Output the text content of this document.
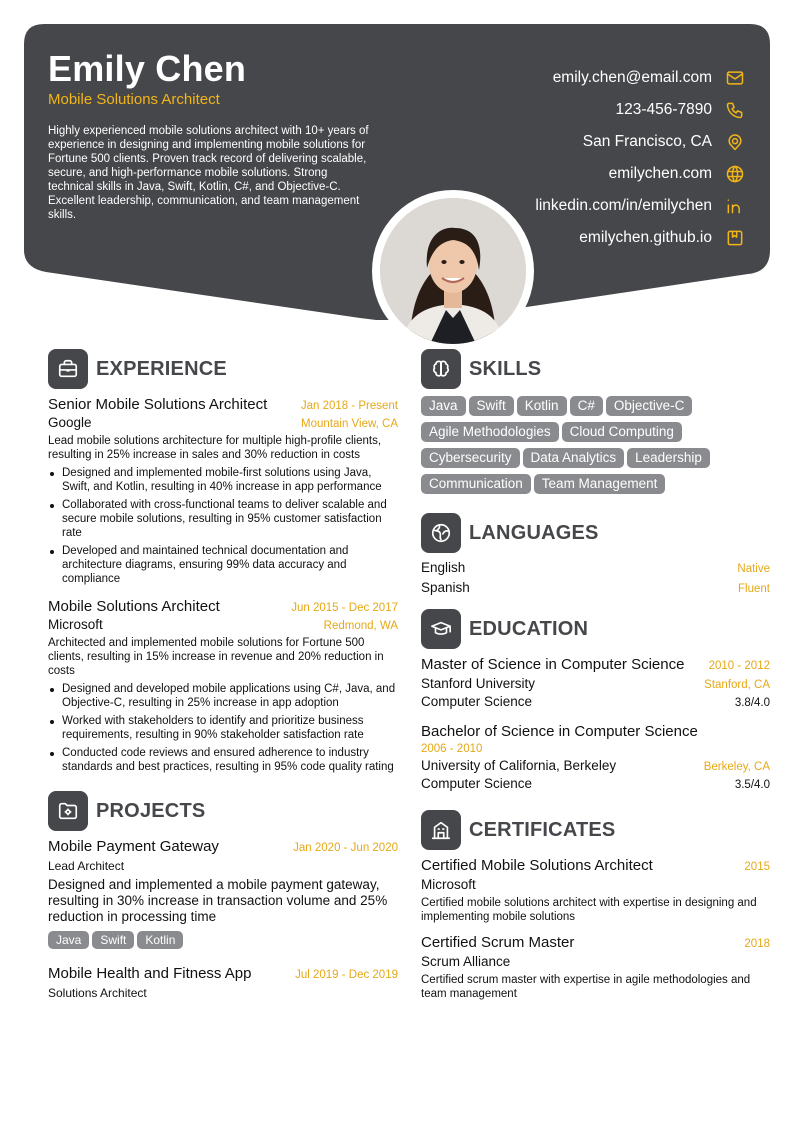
Emily Chen
Mobile Solutions Architect
Highly experienced mobile solutions architect with 10+ years of experience in designing and implementing mobile solutions for Fortune 500 clients. Proven track record of delivering scalable, secure, and high-performance mobile solutions. Strong technical skills in Java, Swift, Kotlin, C#, and Objective-C. Excellent leadership, communication, and team management skills.
emily.chen@email.com
123-456-7890
San Francisco, CA
emilychen.com
linkedin.com/in/emilychen
emilychen.github.io
EXPERIENCE
Senior Mobile Solutions Architect	Jan 2018 - Present
Google	Mountain View, CA
Lead mobile solutions architecture for multiple high-profile clients, resulting in 25% increase in sales and 30% reduction in costs
Designed and implemented mobile-first solutions using Java, Swift, and Kotlin, resulting in 40% increase in app performance
Collaborated with cross-functional teams to deliver scalable and secure mobile solutions, resulting in 95% customer satisfaction rate
Developed and maintained technical documentation and architecture diagrams, ensuring 99% data accuracy and compliance
Mobile Solutions Architect	Jun 2015 - Dec 2017
Microsoft	Redmond, WA
Architected and implemented mobile solutions for Fortune 500 clients, resulting in 15% increase in revenue and 20% reduction in costs
Designed and developed mobile applications using C#, Java, and Objective-C, resulting in 25% increase in app adoption
Worked with stakeholders to identify and prioritize business requirements, resulting in 90% stakeholder satisfaction rate
Conducted code reviews and ensured adherence to industry standards and best practices, resulting in 95% code quality rating
PROJECTS
Mobile Payment Gateway	Jan 2020 - Jun 2020
Lead Architect
Designed and implemented a mobile payment gateway, resulting in 30% increase in transaction volume and 25% reduction in processing time
Java	Swift	Kotlin
Mobile Health and Fitness App	Jul 2019 - Dec 2019
Solutions Architect
SKILLS
Java	Swift	Kotlin	C#	Objective-C
Agile Methodologies	Cloud Computing
Cybersecurity	Data Analytics	Leadership
Communication	Team Management
LANGUAGES
English	Native
Spanish	Fluent
EDUCATION
Master of Science in Computer Science 2010 - 2012
Stanford University	Stanford, CA
Computer Science	3.8/4.0
Bachelor of Science in Computer Science
2006 - 2010
University of California, Berkeley	Berkeley, CA
Computer Science	3.5/4.0
CERTIFICATES
Certified Mobile Solutions Architect	2015
Microsoft
Certified mobile solutions architect with expertise in designing and implementing mobile solutions
Certified Scrum Master	2018
Scrum Alliance
Certified scrum master with expertise in agile methodologies and team management
